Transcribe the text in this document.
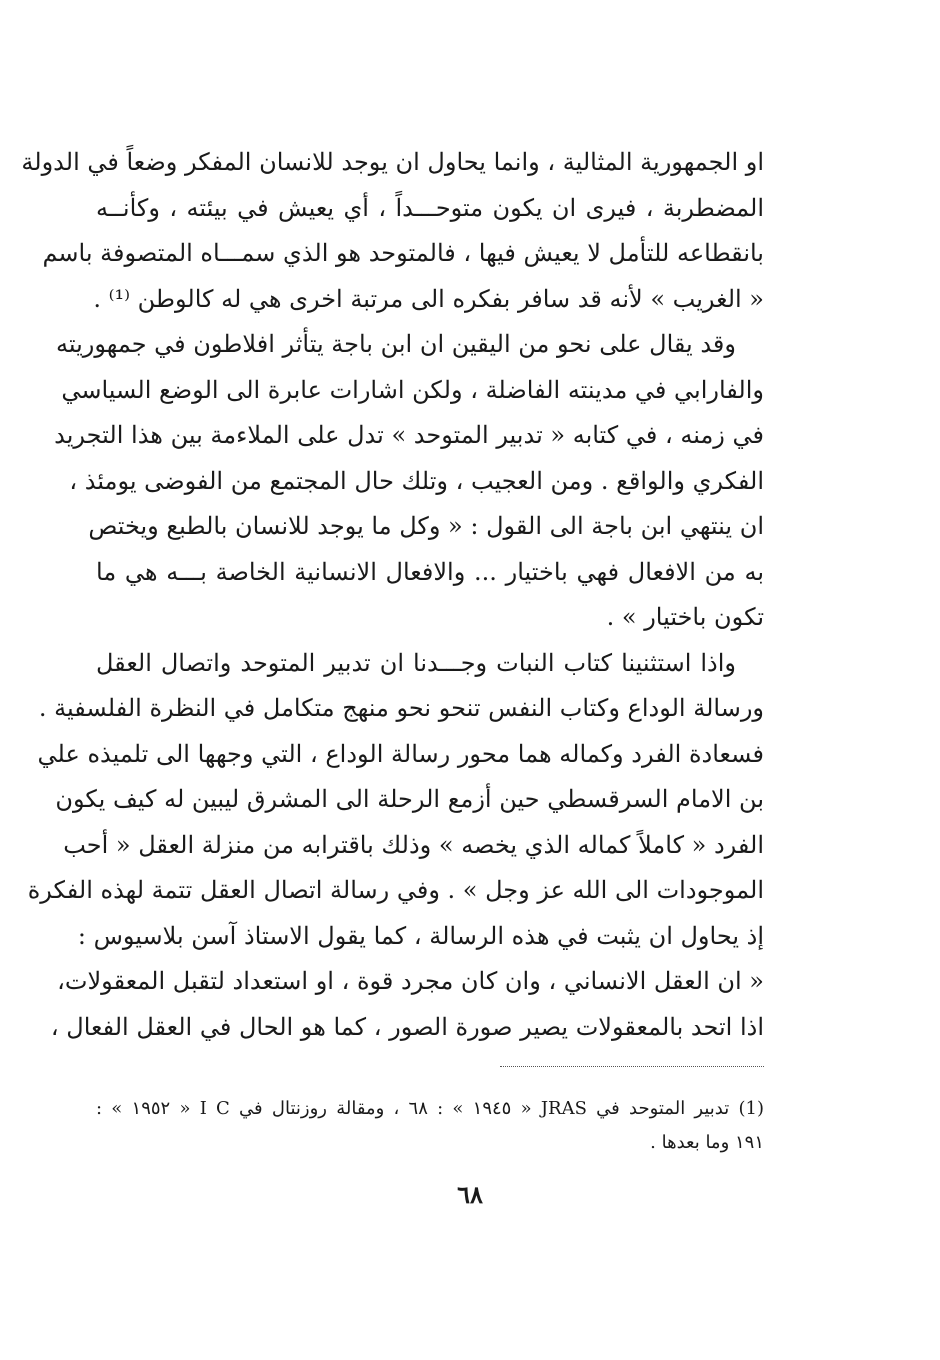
او الجمهورية المثالية ، وانما يحاول ان يوجد للانسان المفكر وضعاً في الدولة
المضطربة ، فيرى ان يكون متوحـــداً ، أي يعيش في بيئته ، وكأنــه
بانقطاعه للتأمل لا يعيش فيها ، فالمتوحد هو الذي سمـــاه المتصوفة باسم
« الغريب » لأنه قد سافر بفكره الى مرتبة اخرى هي له كالوطن ⁽¹⁾ .
وقد يقال على نحو من اليقين ان ابن باجة يتأثر افلاطون في جمهوريته
والفارابي في مدينته الفاضلة ، ولكن اشارات عابرة الى الوضع السياسي
في زمنه ، في كتابه « تدبير المتوحد » تدل على الملاءمة بين هذا التجريد
الفكري والواقع . ومن العجيب ، وتلك حال المجتمع من الفوضى يومئذ ،
ان ينتهي ابن باجة الى القول : « وكل ما يوجد للانسان بالطبع ويختص
به من الافعال فهي باختيار ... والافعال الانسانية الخاصة بـــه هي ما
تكون باختيار » .
واذا استثنينا كتاب النبات وجـــدنا ان تدبير المتوحد واتصال العقل
ورسالة الوداع وكتاب النفس تنحو نحو منهج متكامل في النظرة الفلسفية .
فسعادة الفرد وكماله هما محور رسالة الوداع ، التي وجهها الى تلميذه علي
بن الامام السرقسطي حين أزمع الرحلة الى المشرق ليبين له كيف يكون
الفرد « كاملاً كماله الذي يخصه » وذلك باقترابه من منزلة العقل « أحب
الموجودات الى الله عز وجل » . وفي رسالة اتصال العقل تتمة لهذه الفكرة
إذ يحاول ان يثبت في هذه الرسالة ، كما يقول الاستاذ آسن بلاسيوس :
« ان العقل الانساني ، وان كان مجرد قوة ، او استعداد لتقبل المعقولات،
اذا اتحد بالمعقولات يصير صورة الصور ، كما هو الحال في العقل الفعال ،
(1) تدبير المتوحد في JRAS « ١٩٤٥ » : ٦٨ ، ومقالة روزنتال في I C « ١٩٥٢ » :
١٩١ وما بعدها .
٦٨
